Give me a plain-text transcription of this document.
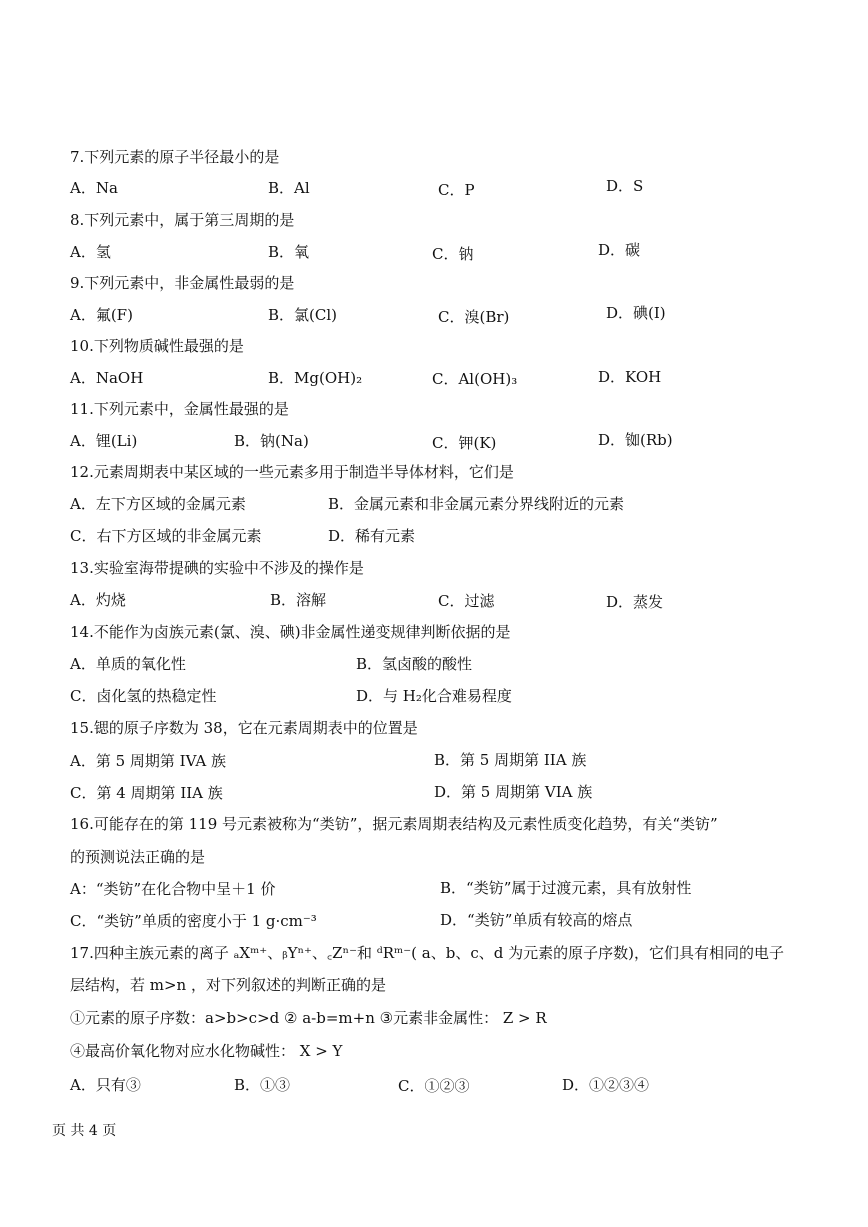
7.下列元素的原子半径最小的是
A．Na	B．Al	C．P	D．S
8.下列元素中，属于第三周期的是
A．氢	B．氧	C．钠	D．碳
9.下列元素中，非金属性最弱的是
A．氟(F)	B．氯(Cl)	C．溴(Br)	D．碘(I)
10.下列物质碱性最强的是
A．NaOH	B．Mg(OH)₂	C．Al(OH)₃	D．KOH
11.下列元素中，金属性最强的是
A．锂(Li)	B．钠(Na)	C．钾(K)	D．铷(Rb)
12.元素周期表中某区域的一些元素多用于制造半导体材料，它们是
A．左下方区域的金属元素	B．金属元素和非金属元素分界线附近的元素
C．右下方区域的非金属元素	D．稀有元素
13.实验室海带提碘的实验中不涉及的操作是
A．灼烧	B．溶解	C．过滤	D．蒸发
14.不能作为卤族元素(氯、溴、碘)非金属性递变规律判断依据的是
A．单质的氧化性	B．氢卤酸的酸性
C．卤化氢的热稳定性	D．与 H₂化合难易程度
15.锶的原子序数为 38，它在元素周期表中的位置是
A．第 5 周期第 IVA 族	B．第 5 周期第 IIA 族
C．第 4 周期第 IIA 族	D．第 5 周期第 VIA 族
16.可能存在的第 119 号元素被称为“类钫”，据元素周期表结构及元素性质变化趋势，有关“类钫”
的预测说法正确的是
A：“类钫”在化合物中呈＋1 价	B．“类钫”属于过渡元素，具有放射性
C．“类钫”单质的密度小于 1 g·cm⁻³	D．“类钫”单质有较高的熔点
17.四种主族元素的离子 ₐXᵐ⁺、ᵦYⁿ⁺、꜀Zⁿ⁻和 ᵈRᵐ⁻( a、b、c、d 为元素的原子序数)，它们具有相同的电子
层结构，若 m>n ，对下列叙述的判断正确的是
①元素的原子序数：a>b>c>d ② a-b=m+n ③元素非金属性： Z > R
④最高价氧化物对应水化物碱性： X > Y
A．只有③	B．①③	C．①②③	D．①②③④
页 共 4 页
